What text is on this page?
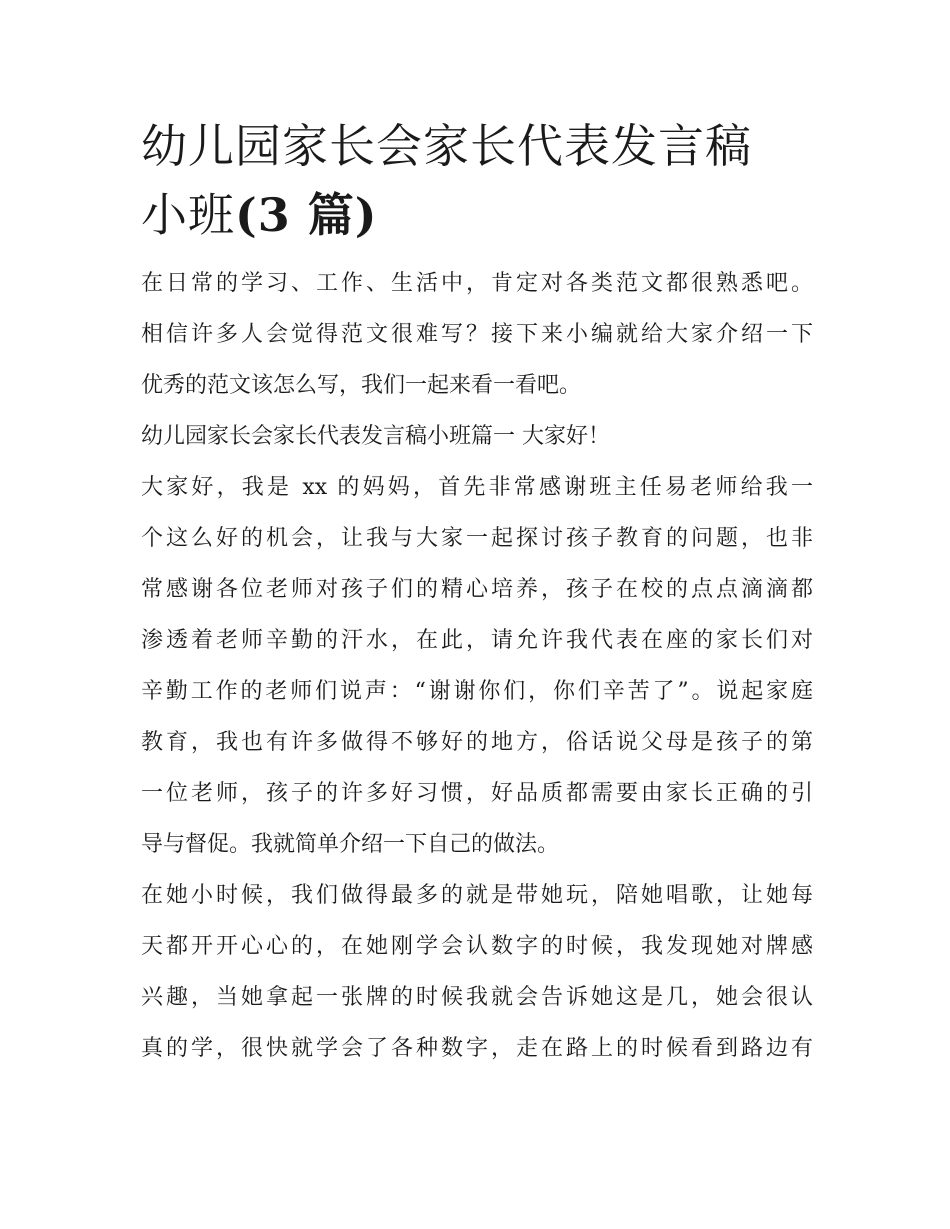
幼儿园家长会家长代表发言稿
小班(3 篇)

在日常的学习、工作、生活中，肯定对各类范文都很熟悉吧。
相信许多人会觉得范文很难写？接下来小编就给大家介绍一下
优秀的范文该怎么写，我们一起来看一看吧。

幼儿园家长会家长代表发言稿小班篇一 大家好！

大家好，我是 xx 的妈妈，首先非常感谢班主任易老师给我一
个这么好的机会，让我与大家一起探讨孩子教育的问题，也非
常感谢各位老师对孩子们的精心培养，孩子在校的点点滴滴都
渗透着老师辛勤的汗水，在此，请允许我代表在座的家长们对
辛勤工作的老师们说声：“谢谢你们，你们辛苦了”。说起家庭
教育，我也有许多做得不够好的地方，俗话说父母是孩子的第
一位老师，孩子的许多好习惯，好品质都需要由家长正确的引
导与督促。我就简单介绍一下自己的做法。

在她小时候，我们做得最多的就是带她玩，陪她唱歌，让她每
天都开开心心的，在她刚学会认数字的时候，我发现她对牌感
兴趣，当她拿起一张牌的时候我就会告诉她这是几，她会很认
真的学，很快就学会了各种数字，走在路上的时候看到路边有
